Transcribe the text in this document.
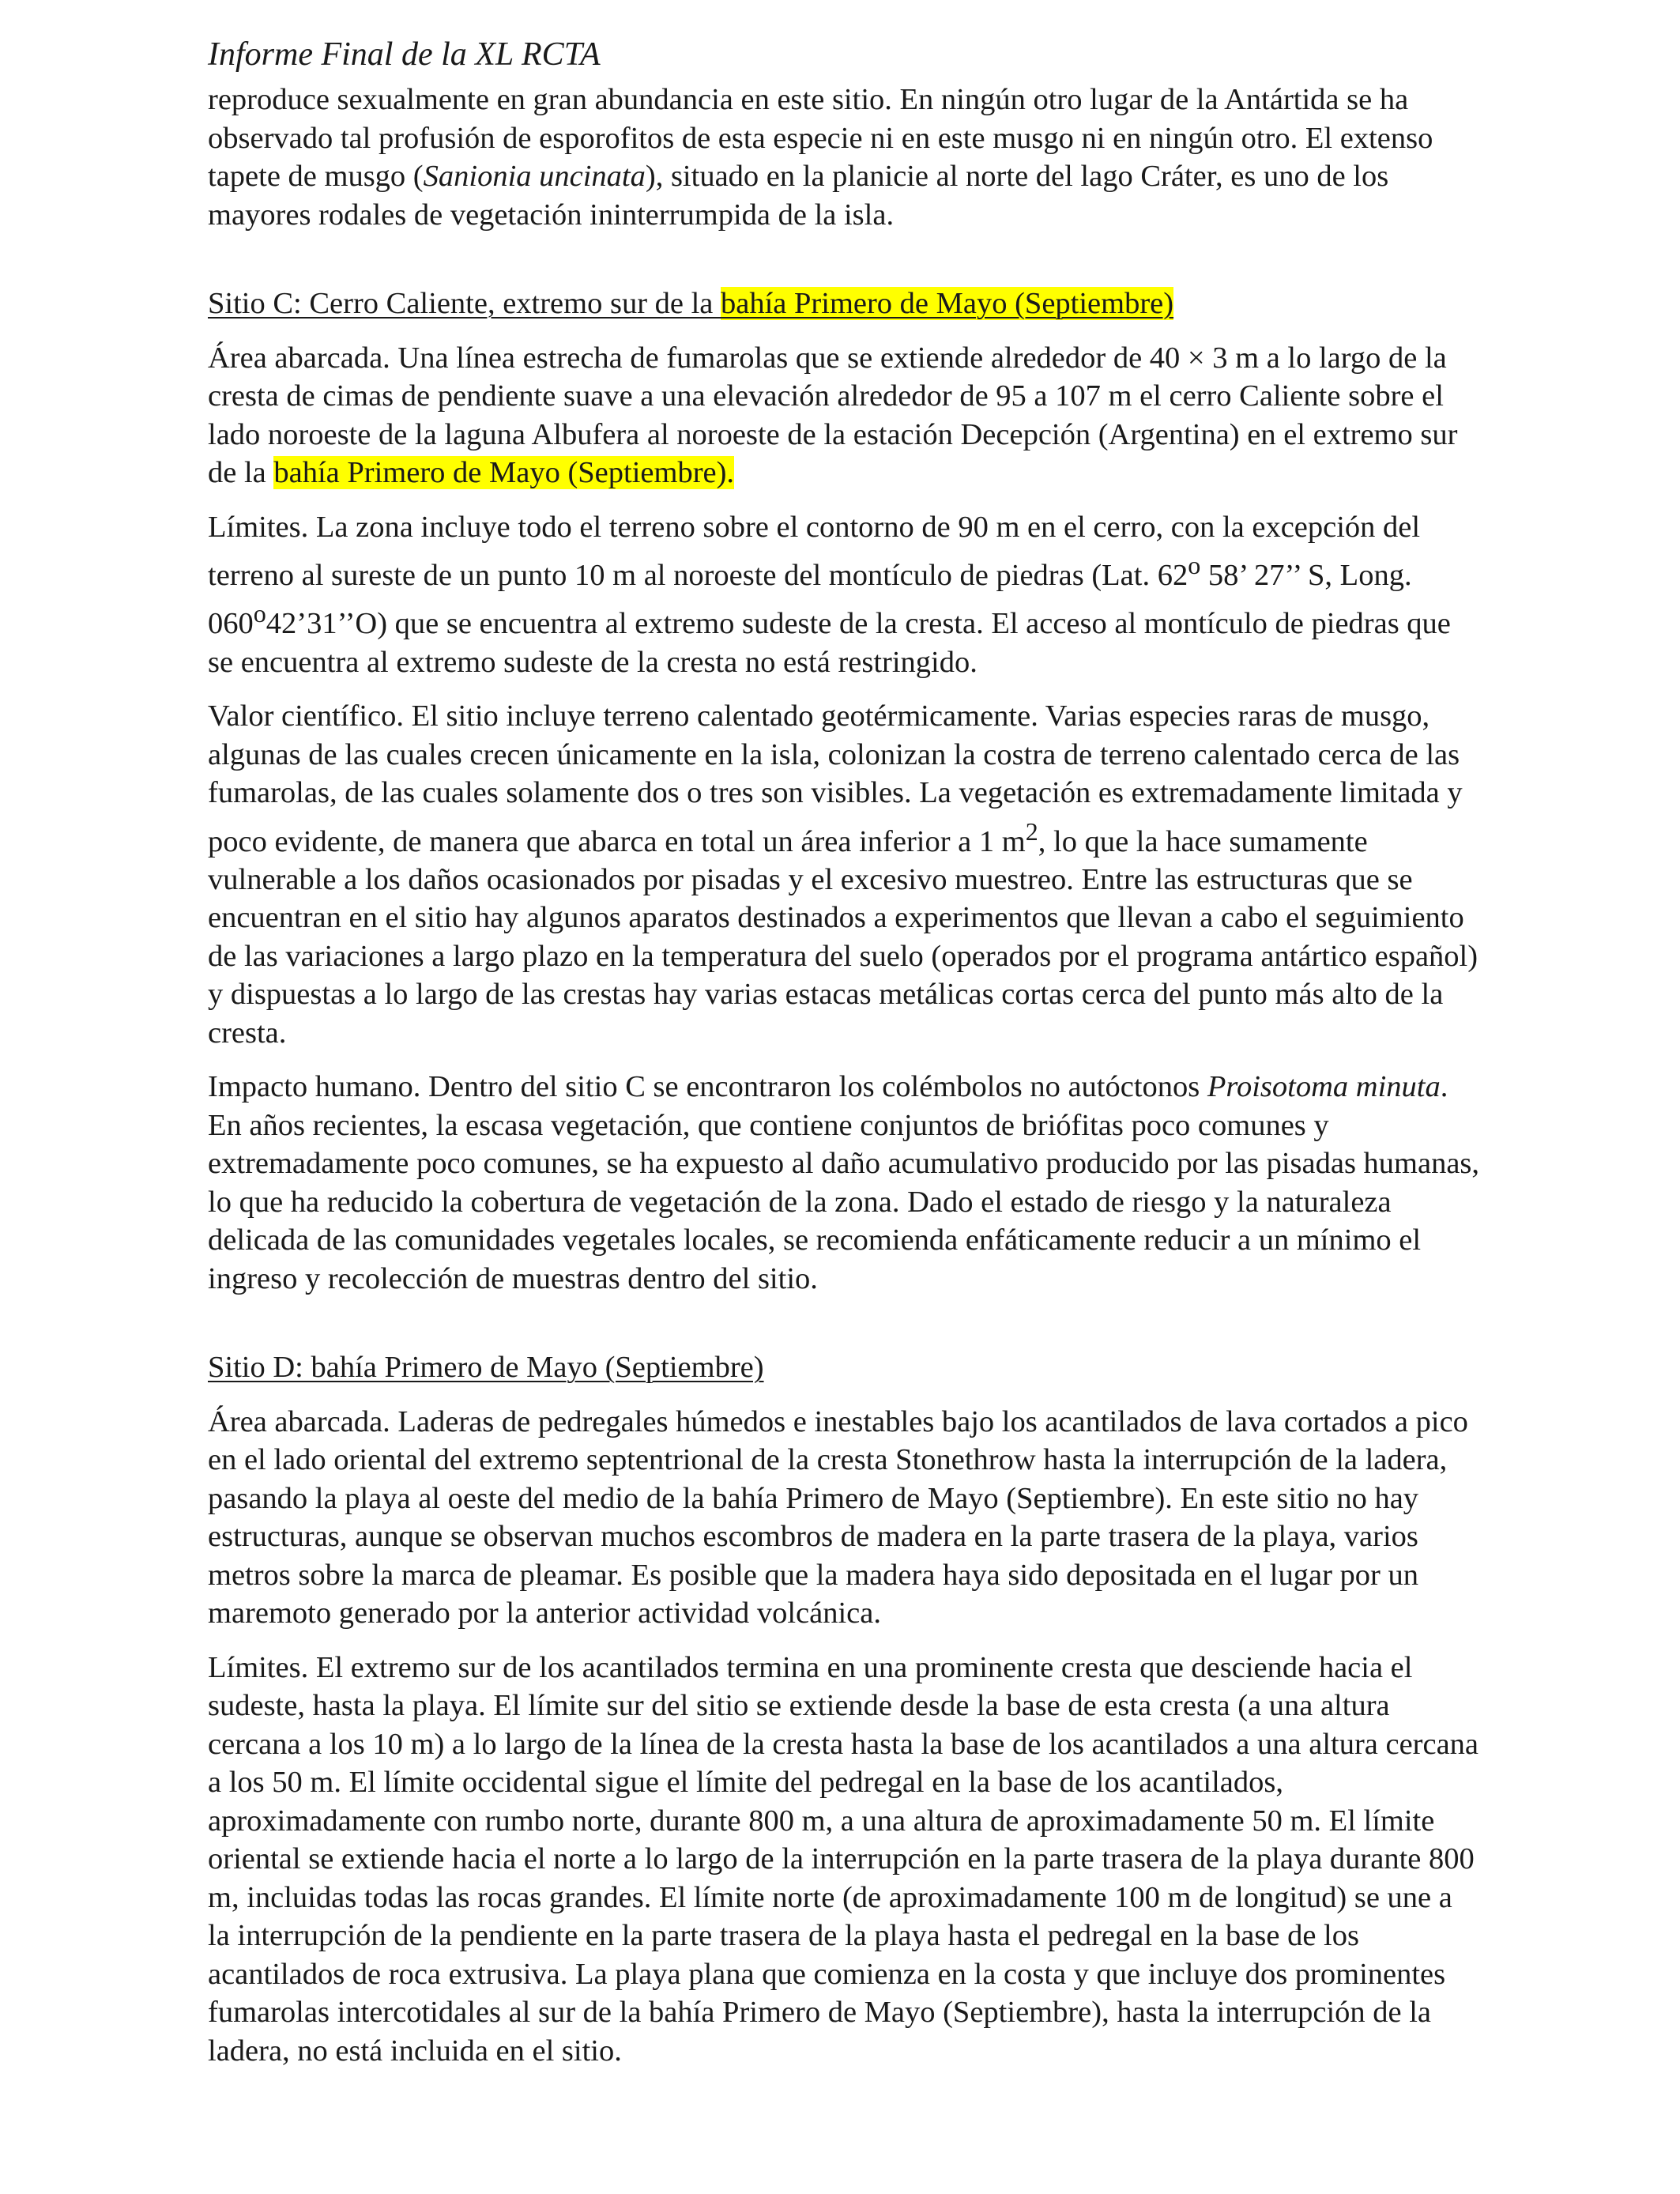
Informe Final de la XL RCTA

reproduce sexualmente en gran abundancia en este sitio. En ningún otro lugar de la Antártida se ha observado tal profusión de esporofitos de esta especie ni en este musgo ni en ningún otro. El extenso tapete de musgo (Sanionia uncinata), situado en la planicie al norte del lago Cráter, es uno de los mayores rodales de vegetación ininterrumpida de la isla.

Sitio C: Cerro Caliente, extremo sur de la bahía Primero de Mayo (Septiembre)

Área abarcada. Una línea estrecha de fumarolas que se extiende alrededor de 40 × 3 m a lo largo de la cresta de cimas de pendiente suave a una elevación alrededor de 95 a 107 m el cerro Caliente sobre el lado noroeste de la laguna Albufera al noroeste de la estación Decepción (Argentina) en el extremo sur de la bahía Primero de Mayo (Septiembre).

Límites. La zona incluye todo el terreno sobre el contorno de 90 m en el cerro, con la excepción del terreno al sureste de un punto 10 m al noroeste del montículo de piedras (Lat. 62$^o$ 58’ 27’’ S, Long. 060$^o$42’31’’O) que se encuentra al extremo sudeste de la cresta. El acceso al montículo de piedras que se encuentra al extremo sudeste de la cresta no está restringido.

Valor científico. El sitio incluye terreno calentado geotérmicamente. Varias especies raras de musgo, algunas de las cuales crecen únicamente en la isla, colonizan la costra de terreno calentado cerca de las fumarolas, de las cuales solamente dos o tres son visibles. La vegetación es extremadamente limitada y poco evidente, de manera que abarca en total un área inferior a 1 $m^2$, lo que la hace sumamente vulnerable a los daños ocasionados por pisadas y el excesivo muestreo. Entre las estructuras que se encuentran en el sitio hay algunos aparatos destinados a experimentos que llevan a cabo el seguimiento de las variaciones a largo plazo en la temperatura del suelo (operados por el programa antártico español) y dispuestas a lo largo de las crestas hay varias estacas metálicas cortas cerca del punto más alto de la cresta.

Impacto humano. Dentro del sitio C se encontraron los colémbolos no autóctonos Proisotoma minuta. En años recientes, la escasa vegetación, que contiene conjuntos de briófitas poco comunes y extremadamente poco comunes, se ha expuesto al daño acumulativo producido por las pisadas humanas, lo que ha reducido la cobertura de vegetación de la zona. Dado el estado de riesgo y la naturaleza delicada de las comunidades vegetales locales, se recomienda enfáticamente reducir a un mínimo el ingreso y recolección de muestras dentro del sitio.

Sitio D: bahía Primero de Mayo (Septiembre)

Área abarcada. Laderas de pedregales húmedos e inestables bajo los acantilados de lava cortados a pico en el lado oriental del extremo septentrional de la cresta Stonethrow hasta la interrupción de la ladera, pasando la playa al oeste del medio de la bahía Primero de Mayo (Septiembre). En este sitio no hay estructuras, aunque se observan muchos escombros de madera en la parte trasera de la playa, varios metros sobre la marca de pleamar. Es posible que la madera haya sido depositada en el lugar por un maremoto generado por la anterior actividad volcánica.

Límites. El extremo sur de los acantilados termina en una prominente cresta que desciende hacia el sudeste, hasta la playa. El límite sur del sitio se extiende desde la base de esta cresta (a una altura cercana a los 10 m) a lo largo de la línea de la cresta hasta la base de los acantilados a una altura cercana a los 50 m. El límite occidental sigue el límite del pedregal en la base de los acantilados, aproximadamente con rumbo norte, durante 800 m, a una altura de aproximadamente 50 m. El límite oriental se extiende hacia el norte a lo largo de la interrupción en la parte trasera de la playa durante 800 m, incluidas todas las rocas grandes. El límite norte (de aproximadamente 100 m de longitud) se une a la interrupción de la pendiente en la parte trasera de la playa hasta el pedregal en la base de los acantilados de roca extrusiva. La playa plana que comienza en la costa y que incluye dos prominentes fumarolas intercotidales al sur de la bahía Primero de Mayo (Septiembre), hasta la interrupción de la ladera, no está incluida en el sitio.
